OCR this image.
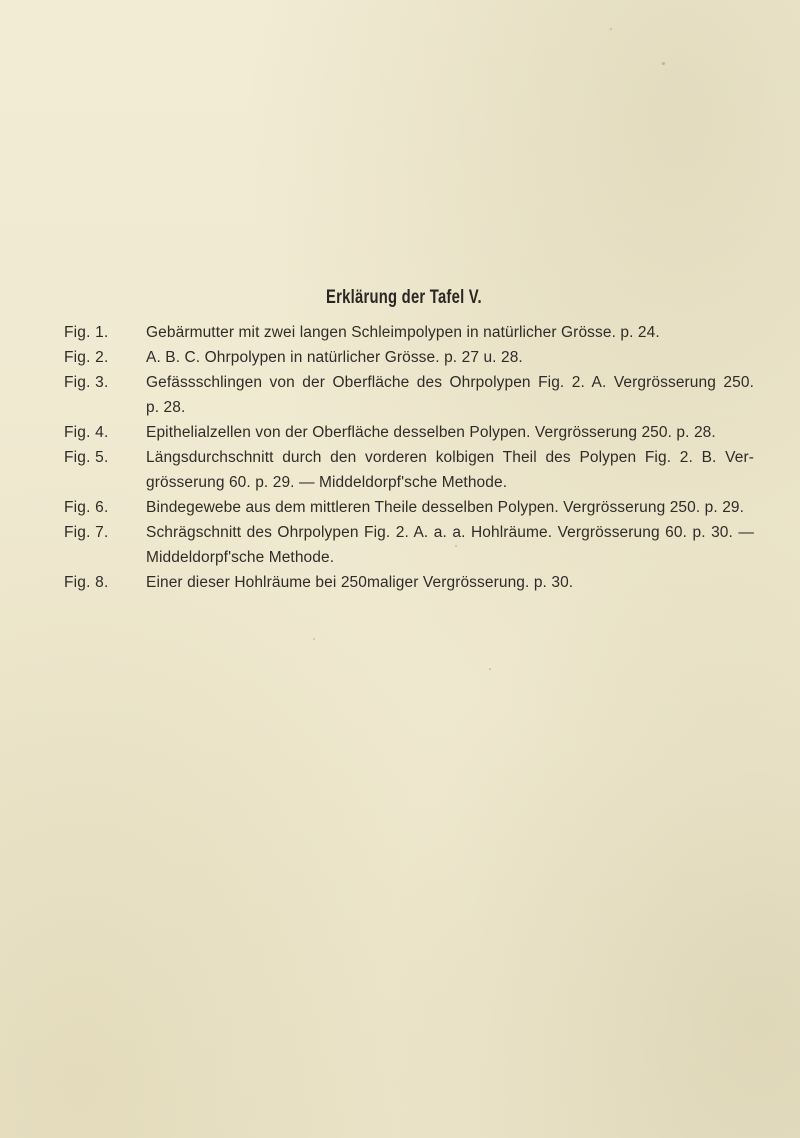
Erklärung der Tafel V.
Fig. 1.	Gebärmutter mit zwei langen Schleimpolypen in natürlicher Grösse. p. 24.
Fig. 2.	A. B. C. Ohrpolypen in natürlicher Grösse. p. 27 u. 28.
Fig. 3.	Gefässschlingen von der Oberfläche des Ohrpolypen Fig. 2. A. Vergrösserung 250.
p. 28.
Fig. 4.	Epithelialzellen von der Oberfläche desselben Polypen. Vergrösserung 250. p. 28.
Fig. 5.	Längsdurchschnitt durch den vorderen kolbigen Theil des Polypen Fig. 2. B. Ver-
grösserung 60. p. 29. — Middeldorpf'sche Methode.
Fig. 6.	Bindegewebe aus dem mittleren Theile desselben Polypen. Vergrösserung 250. p. 29.
Fig. 7.	Schrägschnitt des Ohrpolypen Fig. 2. A. a. a. Hohlräume. Vergrösserung 60. p. 30. —
Middeldorpf'sche Methode.
Fig. 8.	Einer dieser Hohlräume bei 250maliger Vergrösserung. p. 30.
